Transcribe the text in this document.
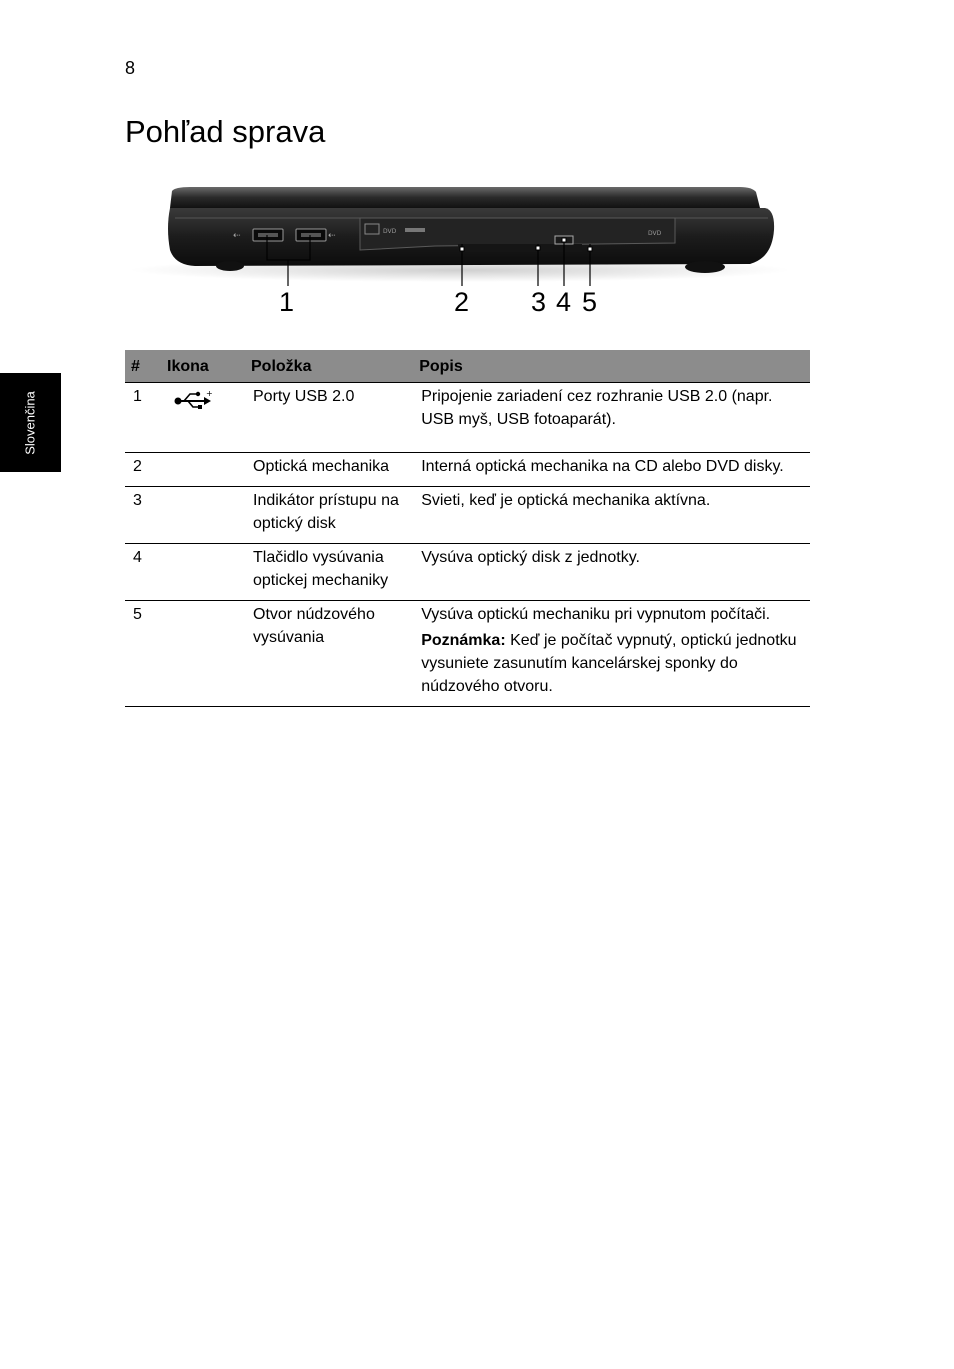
8
Pohľad sprava
Slovenčina
⇠	⇠	DVD	DVD
1	2 3 4 5
#	Ikona	Položka	Popis
1	+	Porty USB 2.0	Pripojenie zariadení cez rozhranie USB 2.0 (napr. USB myš, USB fotoaparát).
2		Optická mechanika	Interná optická mechanika na CD alebo DVD disky.
3		Indikátor prístupu na optický disk	Svieti, keď je optická mechanika aktívna.
4		Tlačidlo vysúvania optickej mechaniky	Vysúva optický disk z jednotky.
5		Otvor núdzového vysúvania	Vysúva optickú mechaniku pri vypnutom počítači.

Poznámka: Keď je počítač vypnutý, optickú jednotku vysuniete zasunutím kancelárskej sponky do núdzového otvoru.
